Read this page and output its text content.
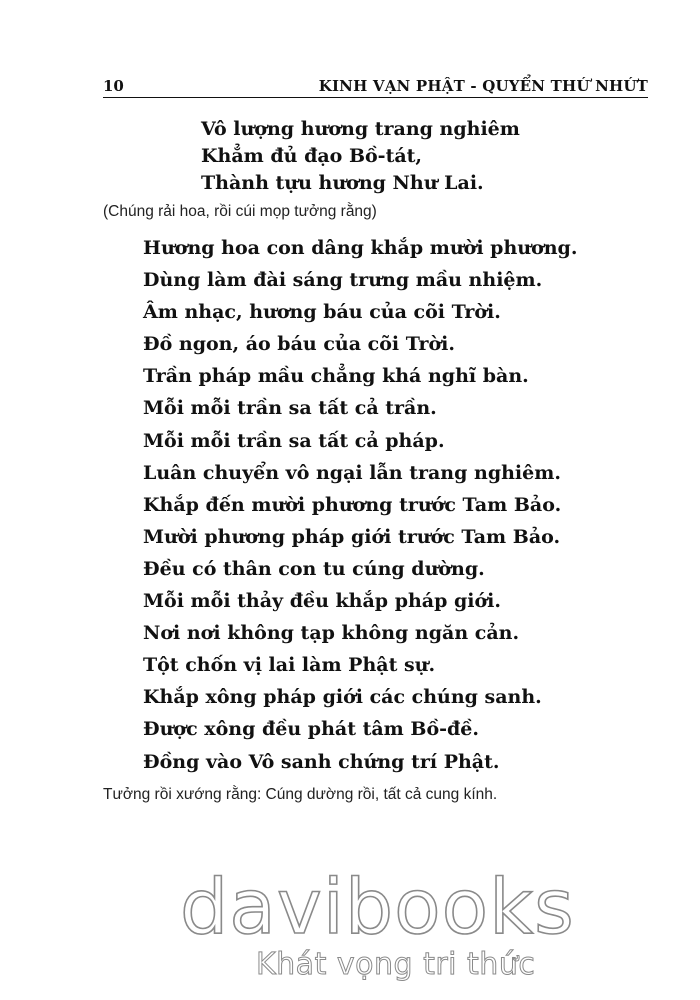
10	KINH VẠN PHẬT - QUYỂN THỨ NHỨT
Vô lượng hương trang nghiêm
Khẳm đủ đạo Bồ-tát,
Thành tựu hương Như Lai.
(Chúng rải hoa, rồi cúi mọp tưởng rằng)
Hương hoa con dâng khắp mười phương.
Dùng làm đài sáng trưng mầu nhiệm.
Âm nhạc, hương báu của cõi Trời.
Đồ ngon, áo báu của cõi Trời.
Trần pháp mầu chẳng khá nghĩ bàn.
Mỗi mỗi trần sa tất cả trần.
Mỗi mỗi trần sa tất cả pháp.
Luân chuyển vô ngại lẫn trang nghiêm.
Khắp đến mười phương trước Tam Bảo.
Mười phương pháp giới trước Tam Bảo.
Đều có thân con tu cúng dường.
Mỗi mỗi thảy đều khắp pháp giới.
Nơi nơi không tạp không ngăn cản.
Tột chốn vị lai làm Phật sự.
Khắp xông pháp giới các chúng sanh.
Được xông đều phát tâm Bồ-đề.
Đồng vào Vô sanh chứng trí Phật.
Tưởng rồi xướng rằng: Cúng dường rồi, tất cả cung kính.
davibooks
Khát vọng tri thức
